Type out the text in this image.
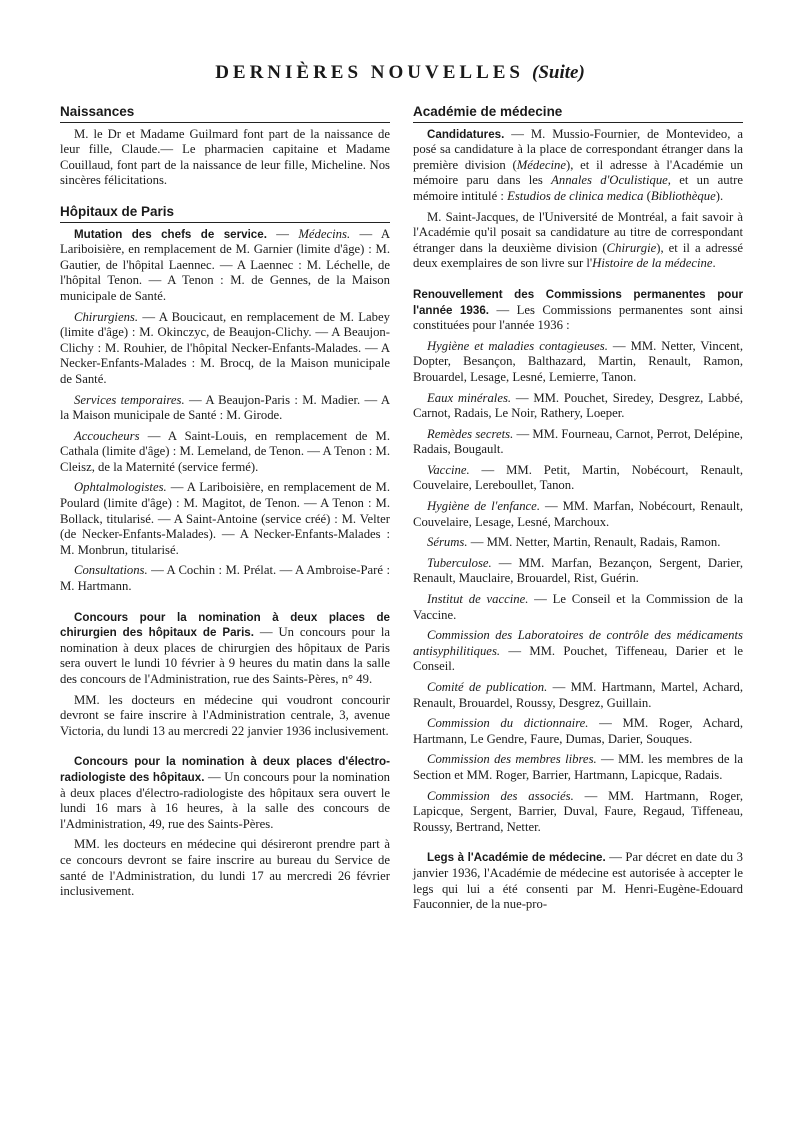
DERNIÈRES NOUVELLES (Suite)
Naissances

M. le Dr et Madame Guilmard font part de la naissance de leur fille, Claude.— Le pharmacien capitaine et Madame Couillaud, font part de la naissance de leur fille, Micheline. Nos sincères félicitations.

Hôpitaux de Paris

Mutation des chefs de service. — Médecins. — A Lariboisière, en remplacement de M. Garnier (limite d'âge) : M. Gautier, de l'hôpital Laennec. — A Laennec : M. Léchelle, de l'hôpital Tenon. — A Tenon : M. de Gennes, de la Maison municipale de Santé.

Chirurgiens. — A Boucicaut, en remplacement de M. Labey (limite d'âge) : M. Okinczyc, de Beaujon-Clichy. — A Beaujon-Clichy : M. Rouhier, de l'hôpital Necker-Enfants-Malades. — A Necker-Enfants-Malades : M. Brocq, de la Maison municipale de Santé.

Services temporaires. — A Beaujon-Paris : M. Madier. — A la Maison municipale de Santé : M. Girode.

Accoucheurs — A Saint-Louis, en remplacement de M. Cathala (limite d'âge) : M. Lemeland, de Tenon. — A Tenon : M. Cleisz, de la Maternité (service fermé).

Ophtalmologistes. — A Lariboisière, en remplacement de M. Poulard (limite d'âge) : M. Magitot, de Tenon. — A Tenon : M. Bollack, titularisé. — A Saint-Antoine (service créé) : M. Velter (de Necker-Enfants-Malades). — A Necker-Enfants-Malades : M. Monbrun, titularisé.

Consultations. — A Cochin : M. Prélat. — A Ambroise-Paré : M. Hartmann.

Concours pour la nomination à deux places de chirurgien des hôpitaux de Paris. — Un concours pour la nomination à deux places de chirurgien des hôpitaux de Paris sera ouvert le lundi 10 février à 9 heures du matin dans la salle des concours de l'Administration, rue des Saints-Pères, n° 49.

MM. les docteurs en médecine qui voudront concourir devront se faire inscrire à l'Administration centrale, 3, avenue Victoria, du lundi 13 au mercredi 22 janvier 1936 inclusivement.

Concours pour la nomination à deux places d'électro-radiologiste des hôpitaux. — Un concours pour la nomination à deux places d'électro-radiologiste des hôpitaux sera ouvert le lundi 16 mars à 16 heures, à la salle des concours de l'Administration, 49, rue des Saints-Pères.

MM. les docteurs en médecine qui désireront prendre part à ce concours devront se faire inscrire au bureau du Service de santé de l'Administration, du lundi 17 au mercredi 26 février inclusivement.

Académie de médecine

Candidatures. — M. Mussio-Fournier, de Montevideo, a posé sa candidature à la place de correspondant étranger dans la première division (Médecine), et il adresse à l'Académie un mémoire paru dans les Annales d'Oculistique, et un autre mémoire intitulé : Estudios de clinica medica (Bibliothèque).

M. Saint-Jacques, de l'Université de Montréal, a fait savoir à l'Académie qu'il posait sa candidature au titre de correspondant étranger dans la deuxième division (Chirurgie), et il a adressé deux exemplaires de son livre sur l'Histoire de la médecine.

Renouvellement des Commissions permanentes pour l'année 1936. — Les Commissions permanentes sont ainsi constituées pour l'année 1936 :

Hygiène et maladies contagieuses. — MM. Netter, Vincent, Dopter, Besançon, Balthazard, Martin, Renault, Ramon, Brouardel, Lesage, Lesné, Lemierre, Tanon.

Eaux minérales. — MM. Pouchet, Siredey, Desgrez, Labbé, Carnot, Radais, Le Noir, Rathery, Loeper.

Remèdes secrets. — MM. Fourneau, Carnot, Perrot, Delépine, Radais, Bougault.

Vaccine. — MM. Petit, Martin, Nobécourt, Renault, Couvelaire, Lereboullet, Tanon.

Hygiène de l'enfance. — MM. Marfan, Nobécourt, Renault, Couvelaire, Lesage, Lesné, Marchoux.

Sérums. — MM. Netter, Martin, Renault, Radais, Ramon.

Tuberculose. — MM. Marfan, Bezançon, Sergent, Darier, Renault, Mauclaire, Brouardel, Rist, Guérin.

Institut de vaccine. — Le Conseil et la Commission de la Vaccine.

Commission des Laboratoires de contrôle des médicaments antisyphilitiques. — MM. Pouchet, Tiffeneau, Darier et le Conseil.

Comité de publication. — MM. Hartmann, Martel, Achard, Renault, Brouardel, Roussy, Desgrez, Guillain.

Commission du dictionnaire. — MM. Roger, Achard, Hartmann, Le Gendre, Faure, Dumas, Darier, Souques.

Commission des membres libres. — MM. les membres de la Section et MM. Roger, Barrier, Hartmann, Lapicque, Radais.

Commission des associés. — MM. Hartmann, Roger, Lapicque, Sergent, Barrier, Duval, Faure, Regaud, Tiffeneau, Roussy, Bertrand, Netter.

Legs à l'Académie de médecine. — Par décret en date du 3 janvier 1936, l'Académie de médecine est autorisée à accepter le legs qui lui a été consenti par M. Henri-Eugène-Edouard Fauconnier, de la nue-pro-
